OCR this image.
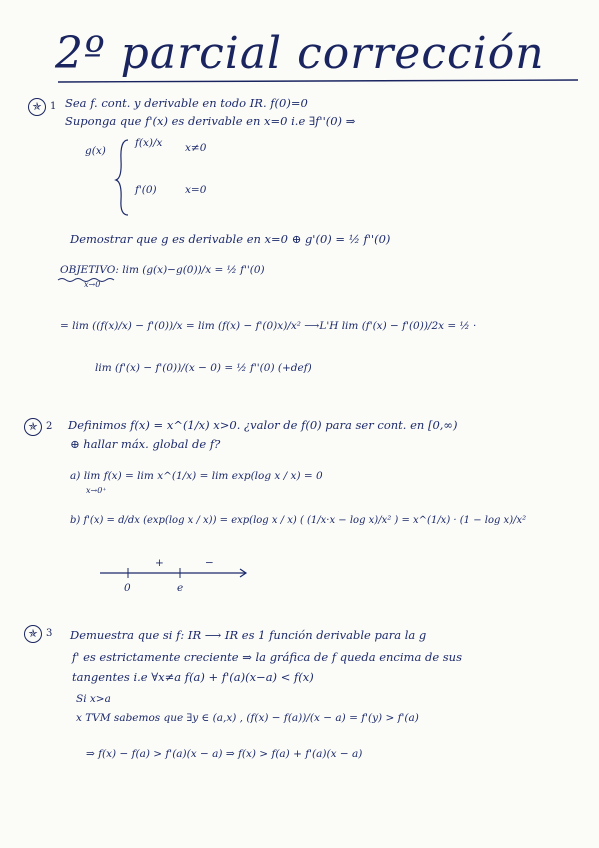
2º parcial corrección
✯ 1 Sea f. cont. y derivable en todo IR. f(0)=0
Suponga que f'(x) es derivable en x=0 i.e ∃f''(0) ⇒
g(x)
f(x)/x x≠0
f'(0)	x=0
Demostrar que g es derivable en x=0 ⊕ g'(0) = ½ f''(0)
OBJETIVO: lim (g(x)−g(0))/x = ½ f''(0)
x→0
= lim ((f(x)/x) − f'(0))/x = lim (f(x) − f'(0)x)/x² ⟶L'H lim (f'(x) − f'(0))/2x = ½ ·
lim (f'(x) − f'(0))/(x − 0) = ½ f''(0) (+def)
✯ 2 Definimos f(x) = x^(1/x) x>0. ¿valor de f(0) para ser cont. en [0,∞)
⊕ hallar máx. global de f?
a) lim f(x) = lim x^(1/x) = lim exp(log x / x) = 0
x→0⁺
b) f'(x) = d/dx (exp(log x / x)) = exp(log x / x) ( (1/x·x − log x)/x² ) = x^(1/x) · (1 − log x)/x²
+	−
0	e
✯ 3 Demuestra que si f: IR ⟶ IR es 1 función derivable para la g
f' es estrictamente creciente ⇒ la gráfica de f queda encima de sus
tangentes i.e ∀x≠a f(a) + f'(a)(x−a) < f(x)
Si x>a
x TVM sabemos que ∃y ∈ (a,x) , (f(x) − f(a))/(x − a) = f'(y) > f'(a)
⇒ f(x) − f(a) > f'(a)(x − a) ⇒ f(x) > f(a) + f'(a)(x − a)
